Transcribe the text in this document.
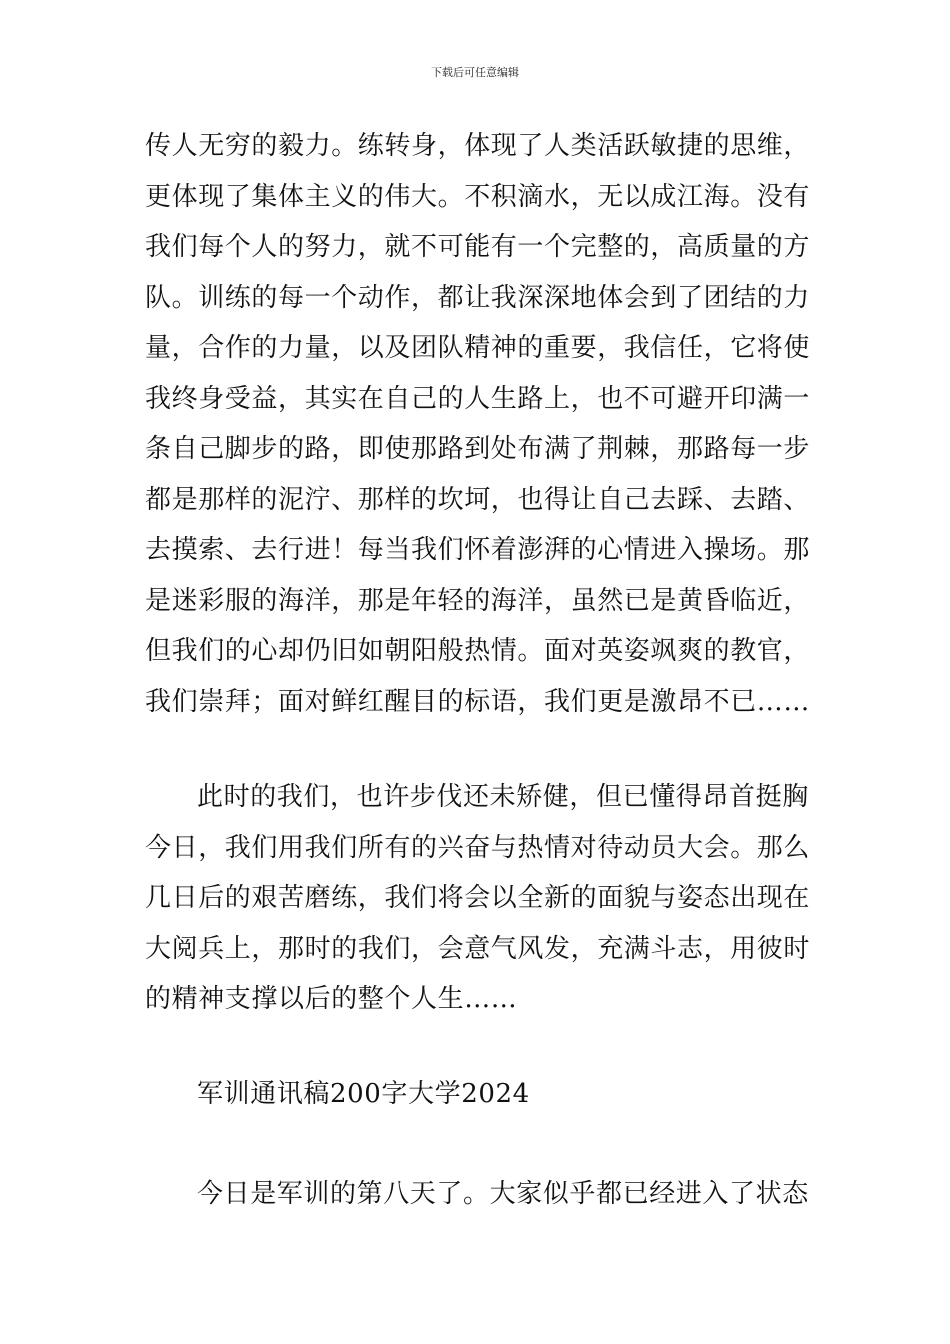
下载后可任意编辑
传人无穷的毅力。练转身，体现了人类活跃敏捷的思维，
更体现了集体主义的伟大。不积滴水，无以成江海。没有
我们每个人的努力，就不可能有一个完整的，高质量的方
队。训练的每一个动作，都让我深深地体会到了团结的力
量，合作的力量，以及团队精神的重要，我信任，它将使
我终身受益，其实在自己的人生路上，也不可避开印满一
条自己脚步的路，即使那路到处布满了荆棘，那路每一步
都是那样的泥泞、那样的坎坷，也得让自己去踩、去踏、
去摸索、去行进！每当我们怀着澎湃的心情进入操场。那
是迷彩服的海洋，那是年轻的海洋，虽然已是黄昏临近，
但我们的心却仍旧如朝阳般热情。面对英姿飒爽的教官，
我们崇拜；面对鲜红醒目的标语，我们更是激昂不已……
此时的我们，也许步伐还未矫健，但已懂得昂首挺胸
今日，我们用我们所有的兴奋与热情对待动员大会。那么
几日后的艰苦磨练，我们将会以全新的面貌与姿态出现在
大阅兵上，那时的我们，会意气风发，充满斗志，用彼时
的精神支撑以后的整个人生……
军训通讯稿200字大学2024
今日是军训的第八天了。大家似乎都已经进入了状态
